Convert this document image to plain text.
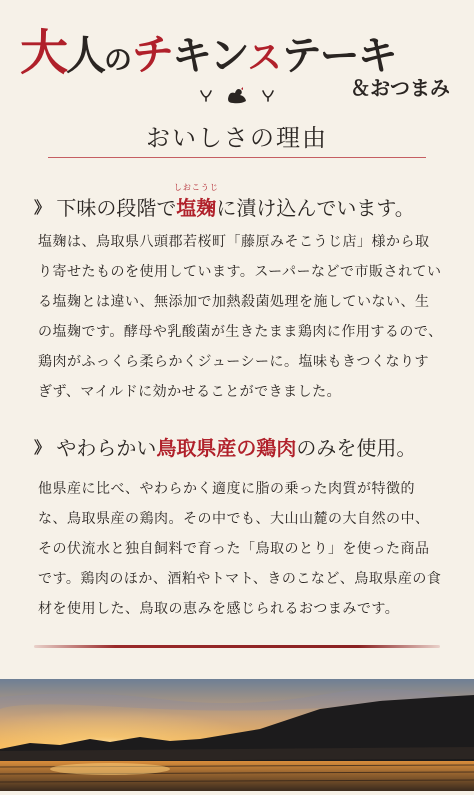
大人のチキンステーキ
＆おつまみ
おいしさの理由
》 下味の段階で
しおこうじ
塩麹に漬け込んでいます。
塩麹は、鳥取県八頭郡若桜町「藤原みそこうじ店」様から取り寄せたものを使用しています。スーパーなどで市販されている塩麹とは違い、無添加で加熱殺菌処理を施していない、生の塩麹です。酵母や乳酸菌が生きたまま鶏肉に作用するので、鶏肉がふっくら柔らかくジューシーに。塩味もきつくなりすぎず、マイルドに効かせることができました。
》 やわらかい鳥取県産の鶏肉のみを使用。
他県産に比べ、やわらかく適度に脂の乗った肉質が特徴的な、鳥取県産の鶏肉。その中でも、大山山麓の大自然の中、その伏流水と独自飼料で育った「鳥取のとり」を使った商品です。鶏肉のほか、酒粕やトマト、きのこなど、鳥取県産の食材を使用した、鳥取の恵みを感じられるおつまみです。
